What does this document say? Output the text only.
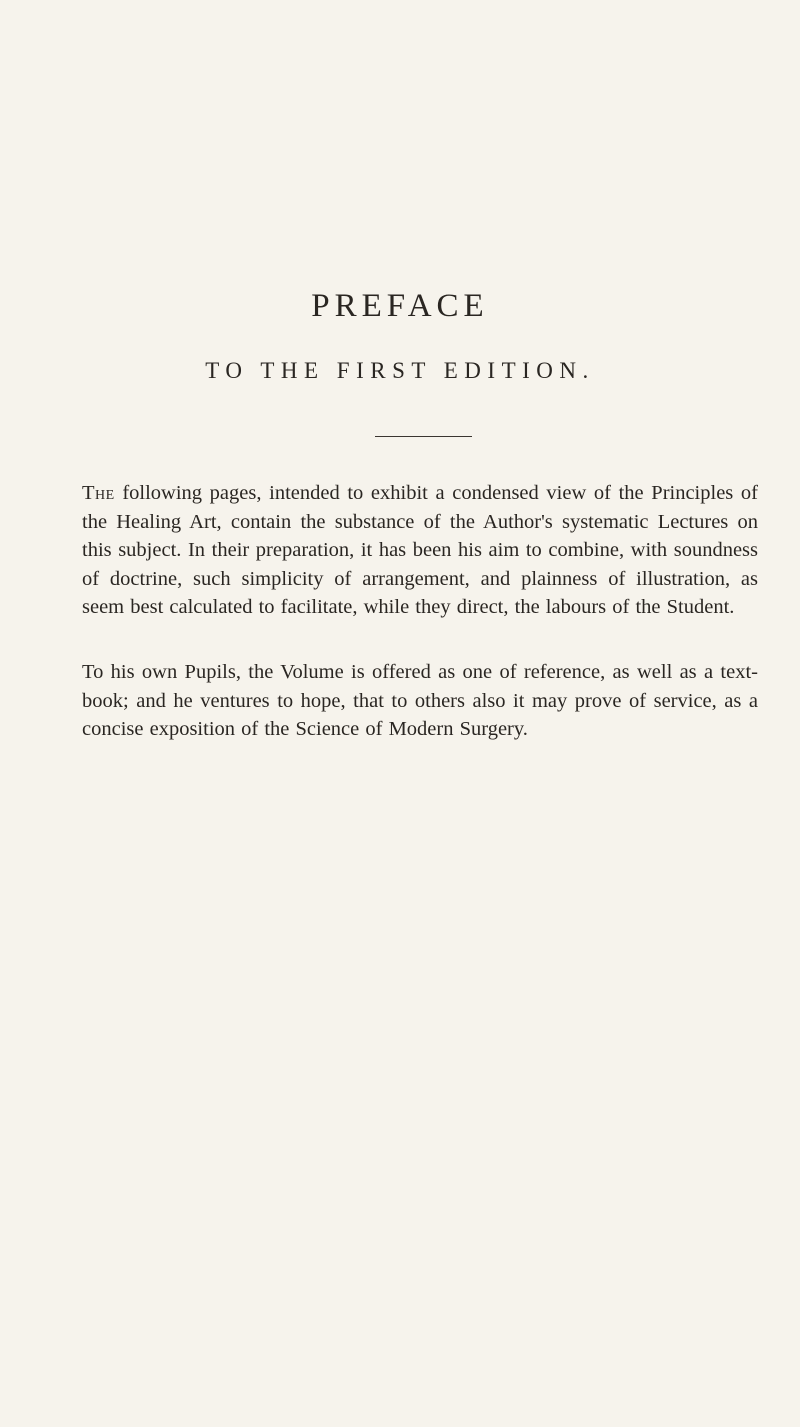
PREFACE
TO THE FIRST EDITION.

The following pages, intended to exhibit a condensed view of the Principles of the Healing Art, contain the substance of the Author's systematic Lectures on this subject. In their preparation, it has been his aim to combine, with soundness of doctrine, such simplicity of arrangement, and plainness of illustration, as seem best calculated to facilitate, while they direct, the labours of the Student.

To his own Pupils, the Volume is offered as one of reference, as well as a text-book; and he ventures to hope, that to others also it may prove of service, as a concise exposition of the Science of Modern Surgery.
